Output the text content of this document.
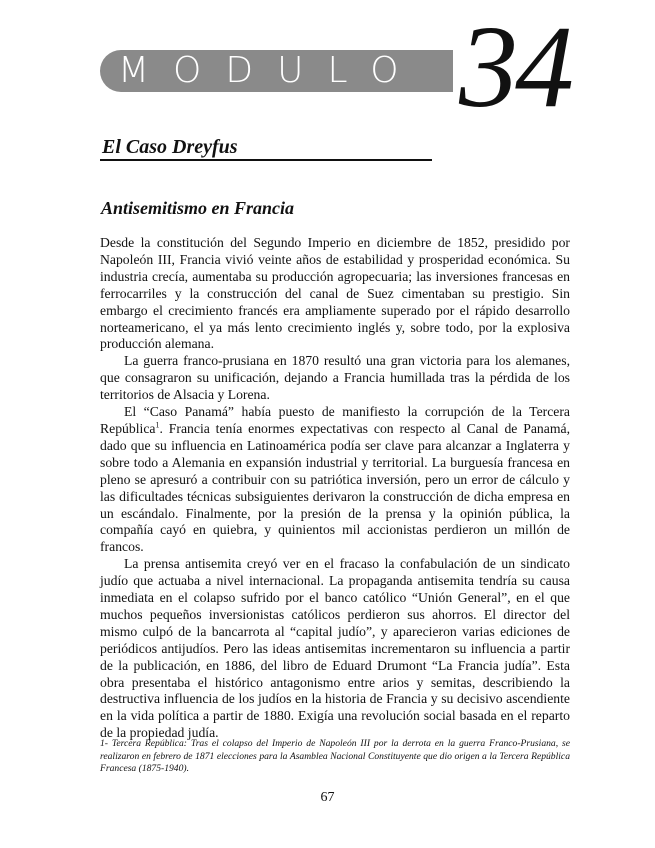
MODULO 34
El Caso Dreyfus
Antisemitismo en Francia

Desde la constitución del Segundo Imperio en diciembre de 1852, presidido por Napoleón III, Francia vivió veinte años de estabilidad y prosperidad económica. Su industria crecía, aumentaba su producción agropecuaria; las inversiones francesas en ferrocarriles y la construcción del canal de Suez cimentaban su prestigio. Sin embargo el crecimiento francés era ampliamente superado por el rápido desarrollo norteamericano, el ya más lento crecimiento inglés y, sobre todo, por la explosiva producción alemana.

La guerra franco-prusiana en 1870 resultó una gran victoria para los alemanes, que consagraron su unificación, dejando a Francia humillada tras la pérdida de los territorios de Alsacia y Lorena.

El “Caso Panamá” había puesto de manifiesto la corrupción de la Tercera República$^1$. Francia tenía enormes expectativas con respecto al Canal de Panamá, dado que su influencia en Latinoamérica podía ser clave para alcanzar a Inglaterra y sobre todo a Alemania en expansión industrial y territorial. La burguesía francesa en pleno se apresuró a contribuir con su patriótica inversión, pero un error de cálculo y las dificultades técnicas subsiguientes derivaron la construcción de dicha empresa en un escándalo. Finalmente, por la presión de la prensa y la opinión pública, la compañía cayó en quiebra, y quinientos mil accionistas perdieron un millón de francos.

La prensa antisemita creyó ver en el fracaso la confabulación de un sindicato judío que actuaba a nivel internacional. La propaganda antisemita tendría su causa inmediata en el colapso sufrido por el banco católico “Unión General”, en el que muchos pequeños inversionistas católicos perdieron sus ahorros. El director del mismo culpó de la bancarrota al “capital judío”, y aparecieron varias ediciones de periódicos antijudíos. Pero las ideas antisemitas incrementaron su influencia a partir de la publicación, en 1886, del libro de Eduard Drumont “La Francia judía”. Esta obra presentaba el histórico antagonismo entre arios y semitas, describiendo la destructiva influencia de los judíos en la historia de Francia y su decisivo ascendiente en la vida política a partir de 1880. Exigía una revolución social basada en el reparto de la propiedad judía.

1- Tercera República: Tras el colapso del Imperio de Napoleón III por la derrota en la guerra Franco-Prusiana, se realizaron en febrero de 1871 elecciones para la Asamblea Nacional Constituyente que dio origen a la Tercera República Francesa (1875-1940).
67
